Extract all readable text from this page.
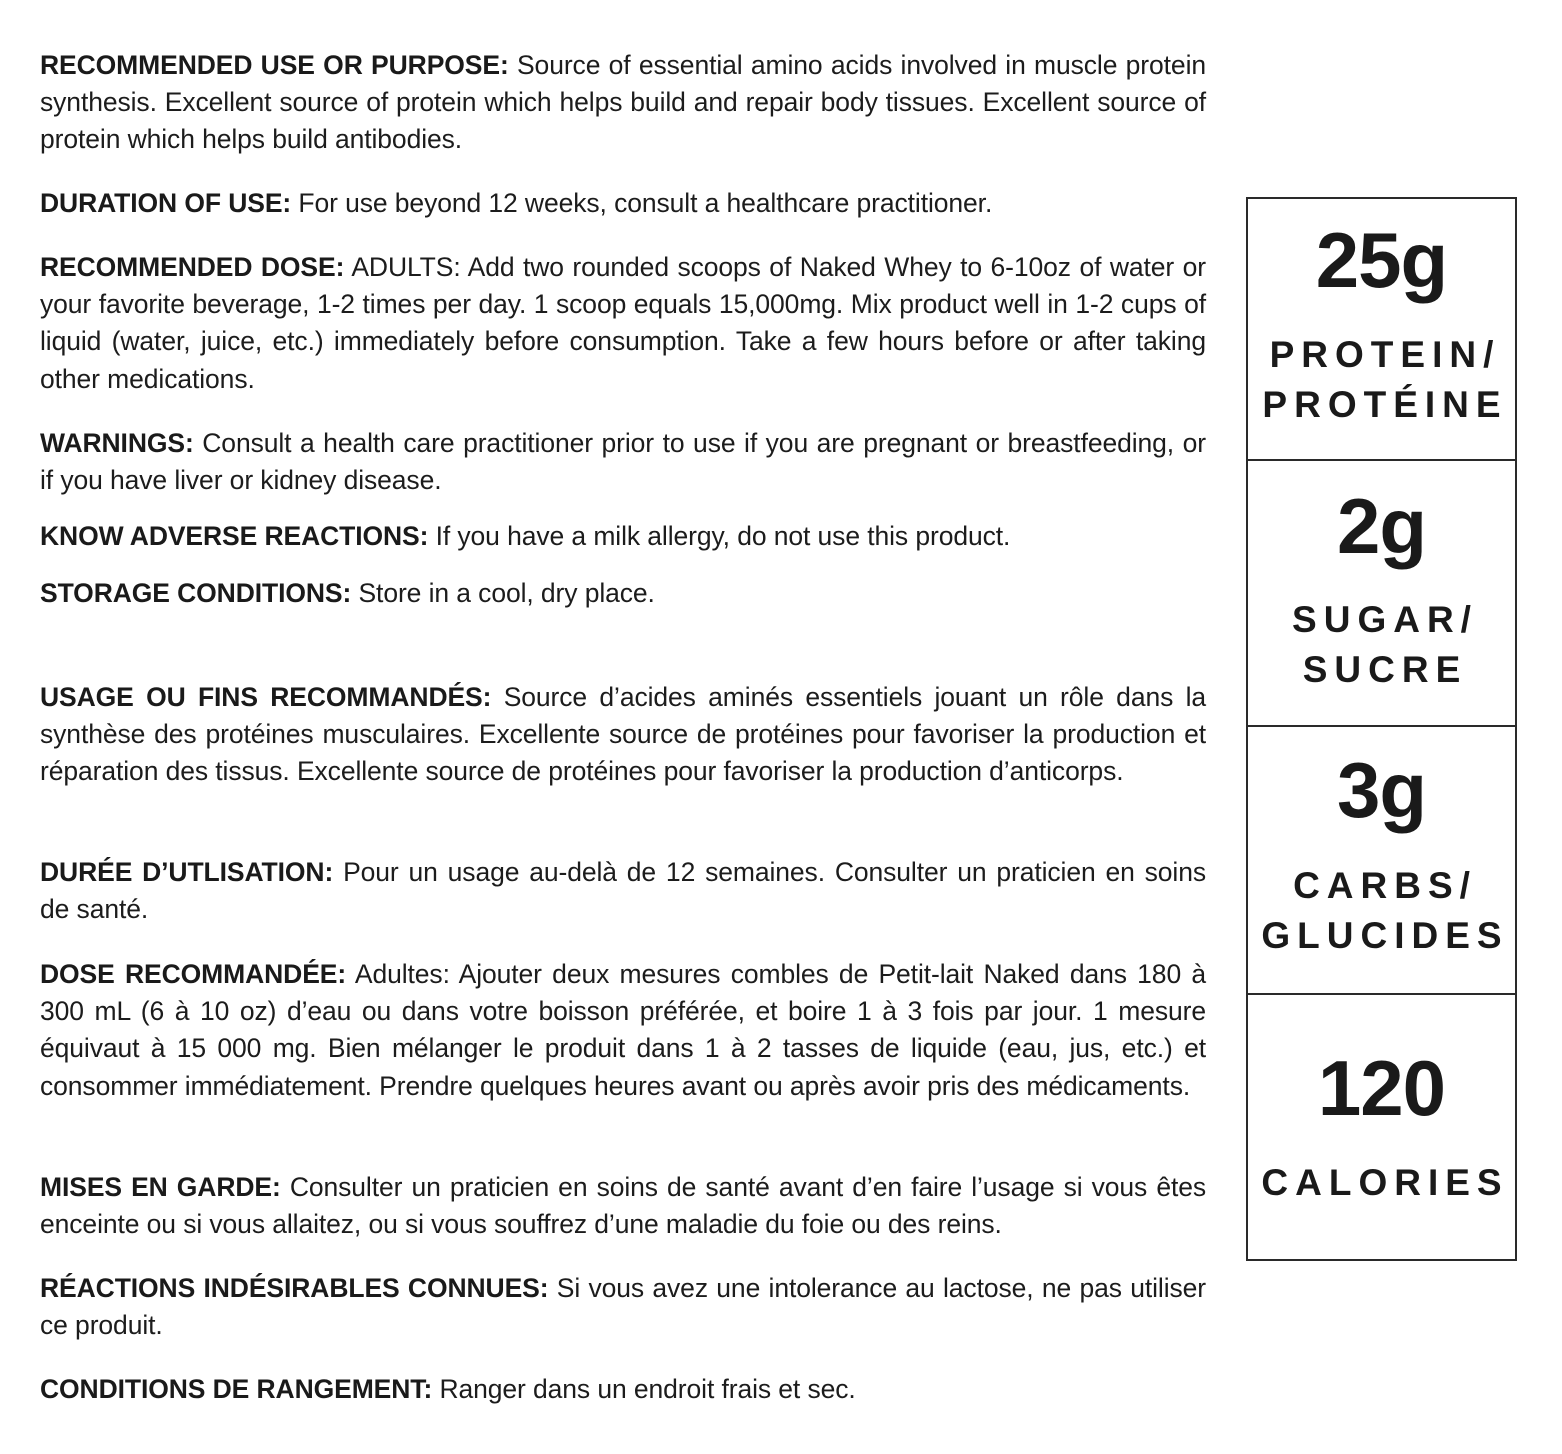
RECOMMENDED USE OR PURPOSE: Source of essential amino acids involved in muscle protein synthesis. Excellent source of protein which helps build and repair body tissues. Excellent source of protein which helps build antibodies.

DURATION OF USE: For use beyond 12 weeks, consult a healthcare practitioner.

RECOMMENDED DOSE: ADULTS: Add two rounded scoops of Naked Whey to 6-10oz of water or your favorite beverage, 1-2 times per day. 1 scoop equals 15,000mg. Mix product well in 1-2 cups of liquid (water, juice, etc.) immediately before consumption. Take a few hours before or after taking other medications.

WARNINGS: Consult a health care practitioner prior to use if you are pregnant or breastfeeding, or if you have liver or kidney disease.

KNOW ADVERSE REACTIONS: If you have a milk allergy, do not use this product.

STORAGE CONDITIONS: Store in a cool, dry place.

USAGE OU FINS RECOMMANDÉS: Source d’acides aminés essentiels jouant un rôle dans la synthèse des protéines musculaires. Excellente source de protéines pour favoriser la production et réparation des tissus. Excellente source de protéines pour favoriser la production d’anticorps.

DURÉE D’UTLISATION: Pour un usage au-delà de 12 semaines. Consulter un praticien en soins de santé.

DOSE RECOMMANDÉE: Adultes: Ajouter deux mesures combles de Petit-lait Naked dans 180 à 300 mL (6 à 10 oz) d’eau ou dans votre boisson préférée, et boire 1 à 3 fois par jour. 1 mesure équivaut à 15 000 mg. Bien mélanger le produit dans 1 à 2 tasses de liquide (eau, jus, etc.) et consommer immédiatement. Prendre quelques heures avant ou après avoir pris des médicaments.

MISES EN GARDE: Consulter un praticien en soins de santé avant d’en faire l’usage si vous êtes enceinte ou si vous allaitez, ou si vous souffrez d’une maladie du foie ou des reins.

RÉACTIONS INDÉSIRABLES CONNUES: Si vous avez une intolerance au lactose, ne pas utiliser ce produit.

CONDITIONS DE RANGEMENT: Ranger dans un endroit frais et sec.

25g
PROTEIN/
PROTÉINE
2g
SUGAR/
SUCRE
3g
CARBS/
GLUCIDES
120
CALORIES
